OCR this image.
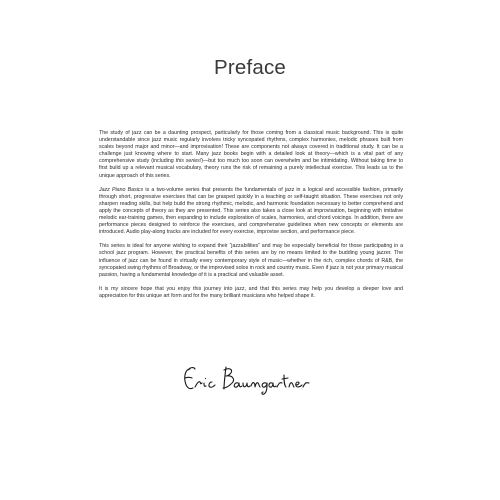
Preface

The study of jazz can be a daunting prospect, particularly for those coming from a classical music background. This is quite understandable since jazz music regularly involves tricky syncopated rhythms, complex harmonies, melodic phrases built from scales beyond major and minor—and improvisation! These are components not always covered in traditional study. It can be a challenge just knowing where to start. Many jazz books begin with a detailed look at theory—which is a vital part of any comprehensive study (including this series!)—but too much too soon can overwhelm and be intimidating. Without taking time to first build up a relevant musical vocabulary, theory runs the risk of remaining a purely intellectual exercise. This leads us to the unique approach of this series.

Jazz Piano Basics is a two-volume series that presents the fundamentals of jazz in a logical and accessible fashion, primarily through short, progressive exercises that can be grasped quickly in a teaching or self-taught situation. These exercises not only sharpen reading skills, but help build the strong rhythmic, melodic, and harmonic foundation necessary to better comprehend and apply the concepts of theory as they are presented. This series also takes a close look at improvisation, beginning with imitative melodic ear-training games, then expanding to include exploration of scales, harmonies, and chord voicings. In addition, there are performance pieces designed to reinforce the exercises, and comprehensive guidelines when new concepts or elements are introduced. Audio play-along tracks are included for every exercise, improvise section, and performance piece.

This series is ideal for anyone wishing to expand their “jazzabilities” and may be especially beneficial for those participating in a school jazz program. However, the practical benefits of this series are by no means limited to the budding young jazzer. The influence of jazz can be found in virtually every contemporary style of music—whether in the rich, complex chords of R&B, the syncopated swing rhythms of Broadway, or the improvised solos in rock and country music. Even if jazz is not your primary musical passion, having a fundamental knowledge of it is a practical and valuable asset.

It is my sincere hope that you enjoy this journey into jazz, and that this series may help you develop a deeper love and appreciation for this unique art form and for the many brilliant musicians who helped shape it.
